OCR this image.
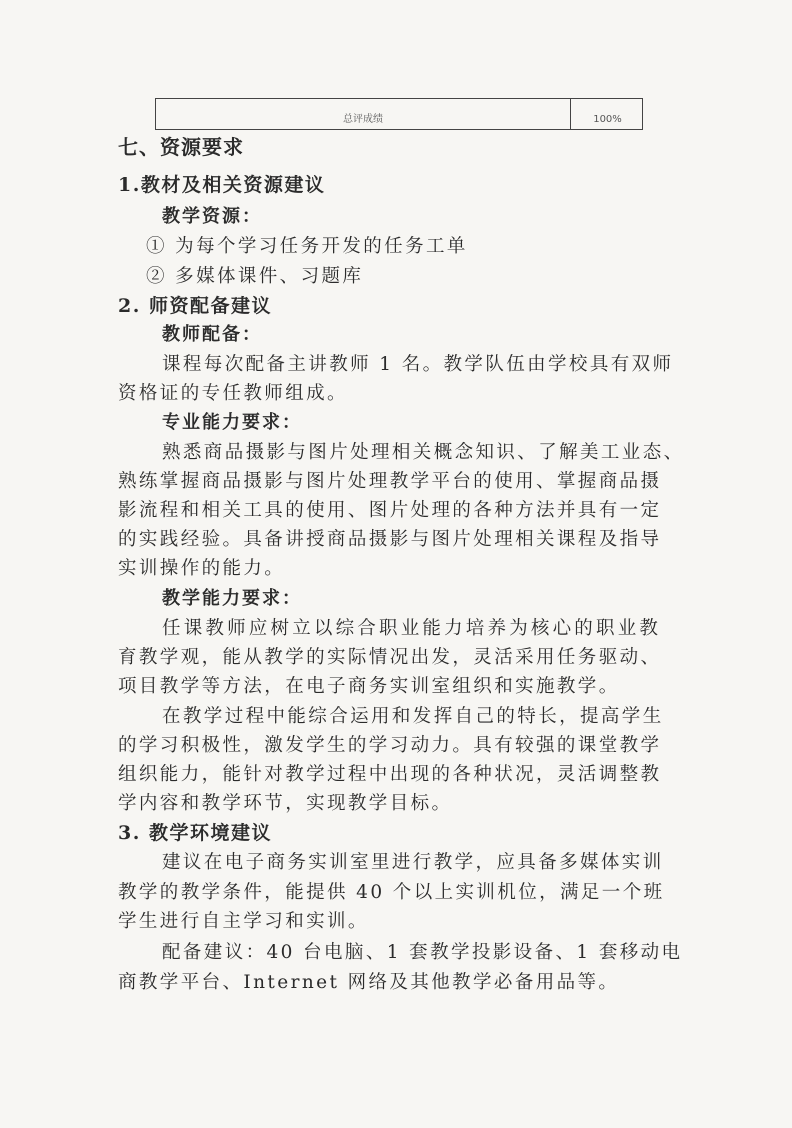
总评成绩	100%
七、资源要求
1.教材及相关资源建议
教学资源：
① 为每个学习任务开发的任务工单
② 多媒体课件、习题库
2. 师资配备建议
教师配备：
课程每次配备主讲教师 1 名。教学队伍由学校具有双师
资格证的专任教师组成。
专业能力要求：
熟悉商品摄影与图片处理相关概念知识、了解美工业态、
熟练掌握商品摄影与图片处理教学平台的使用、掌握商品摄
影流程和相关工具的使用、图片处理的各种方法并具有一定
的实践经验。具备讲授商品摄影与图片处理相关课程及指导
实训操作的能力。
教学能力要求：
任课教师应树立以综合职业能力培养为核心的职业教
育教学观，能从教学的实际情况出发，灵活采用任务驱动、
项目教学等方法，在电子商务实训室组织和实施教学。
在教学过程中能综合运用和发挥自己的特长，提高学生
的学习积极性，激发学生的学习动力。具有较强的课堂教学
组织能力，能针对教学过程中出现的各种状况，灵活调整教
学内容和教学环节，实现教学目标。
3. 教学环境建议
建议在电子商务实训室里进行教学，应具备多媒体实训
教学的教学条件，能提供 40 个以上实训机位，满足一个班
学生进行自主学习和实训。
配备建议：40 台电脑、1 套教学投影设备、1 套移动电
商教学平台、Internet 网络及其他教学必备用品等。
